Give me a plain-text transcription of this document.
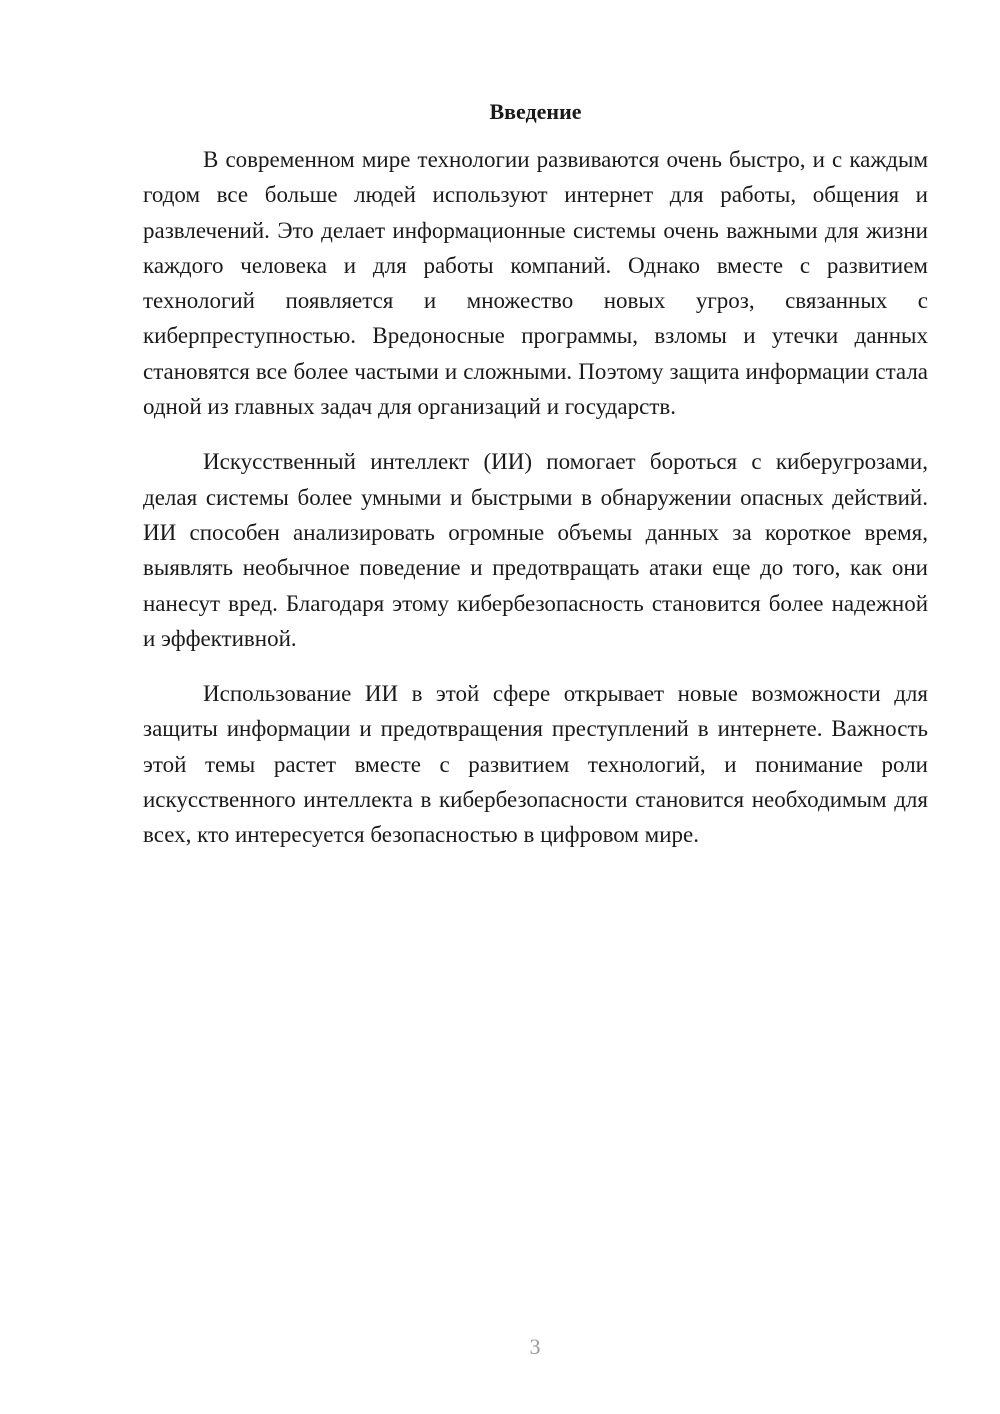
Введение

В современном мире технологии развиваются очень быстро, и с каждым годом все больше людей используют интернет для работы, общения и развлечений. Это делает информационные системы очень важными для жизни каждого человека и для работы компаний. Однако вместе с развитием технологий появляется и множество новых угроз, связанных с киберпреступностью. Вредоносные программы, взломы и утечки данных становятся все более частыми и сложными. Поэтому защита информации стала одной из главных задач для организаций и государств.

Искусственный интеллект (ИИ) помогает бороться с киберугрозами, делая системы более умными и быстрыми в обнаружении опасных действий. ИИ способен анализировать огромные объемы данных за короткое время, выявлять необычное поведение и предотвращать атаки еще до того, как они нанесут вред. Благодаря этому кибербезопасность становится более надежной и эффективной.

Использование ИИ в этой сфере открывает новые возможности для защиты информации и предотвращения преступлений в интернете. Важность этой темы растет вместе с развитием технологий, и понимание роли искусственного интеллекта в кибербезопасности становится необходимым для всех, кто интересуется безопасностью в цифровом мире.

3
